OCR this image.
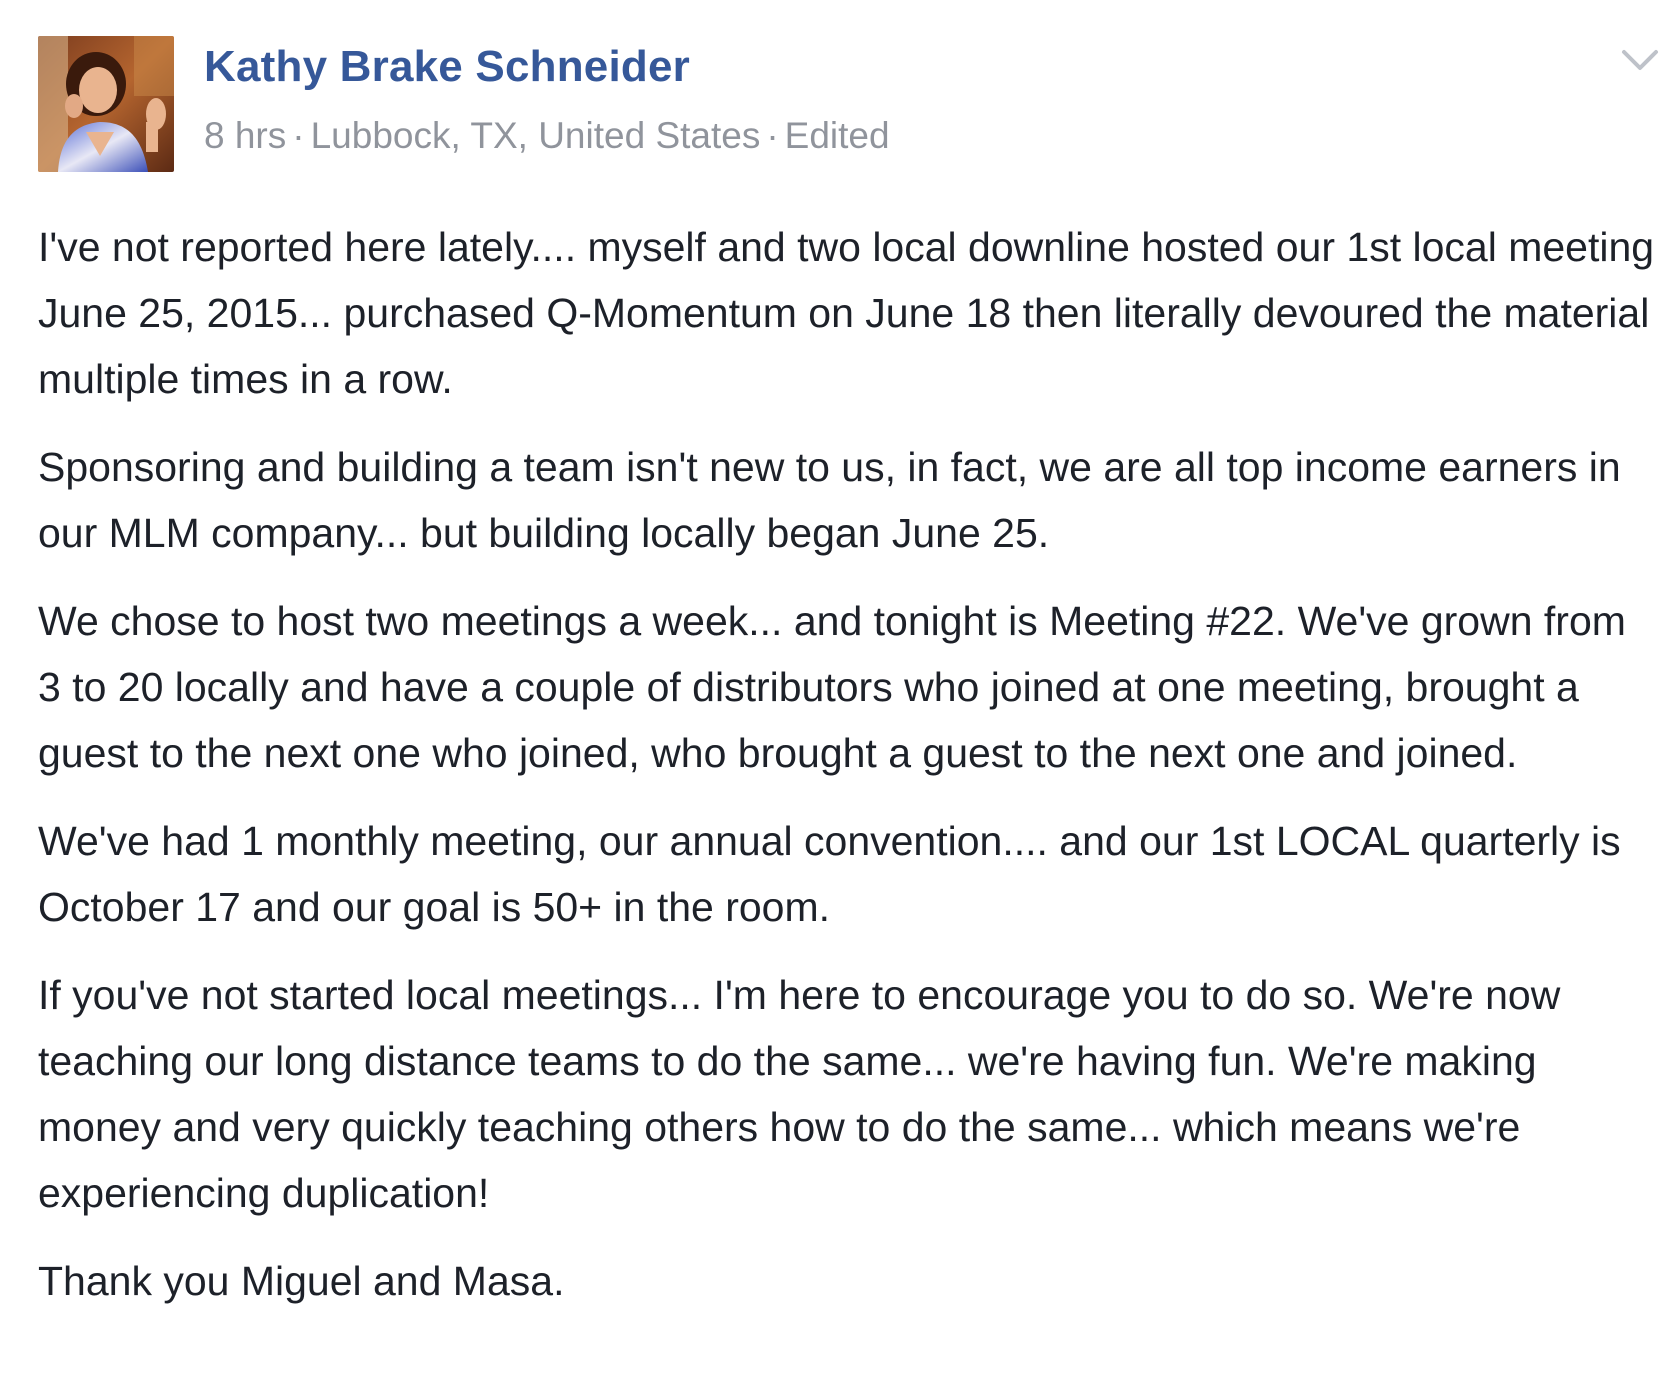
Kathy Brake Schneider
8 hrs · Lubbock, TX, United States · Edited

I've not reported here lately.... myself and two local downline hosted our 1st local meeting June 25, 2015... purchased Q-Momentum on June 18 then literally devoured the material multiple times in a row.

Sponsoring and building a team isn't new to us, in fact, we are all top income earners in our MLM company... but building locally began June 25.

We chose to host two meetings a week... and tonight is Meeting #22. We've grown from 3 to 20 locally and have a couple of distributors who joined at one meeting, brought a guest to the next one who joined, who brought a guest to the next one and joined.

We've had 1 monthly meeting, our annual convention.... and our 1st LOCAL quarterly is October 17 and our goal is 50+ in the room.

If you've not started local meetings... I'm here to encourage you to do so. We're now teaching our long distance teams to do the same... we're having fun. We're making money and very quickly teaching others how to do the same... which means we're experiencing duplication!

Thank you Miguel and Masa.
